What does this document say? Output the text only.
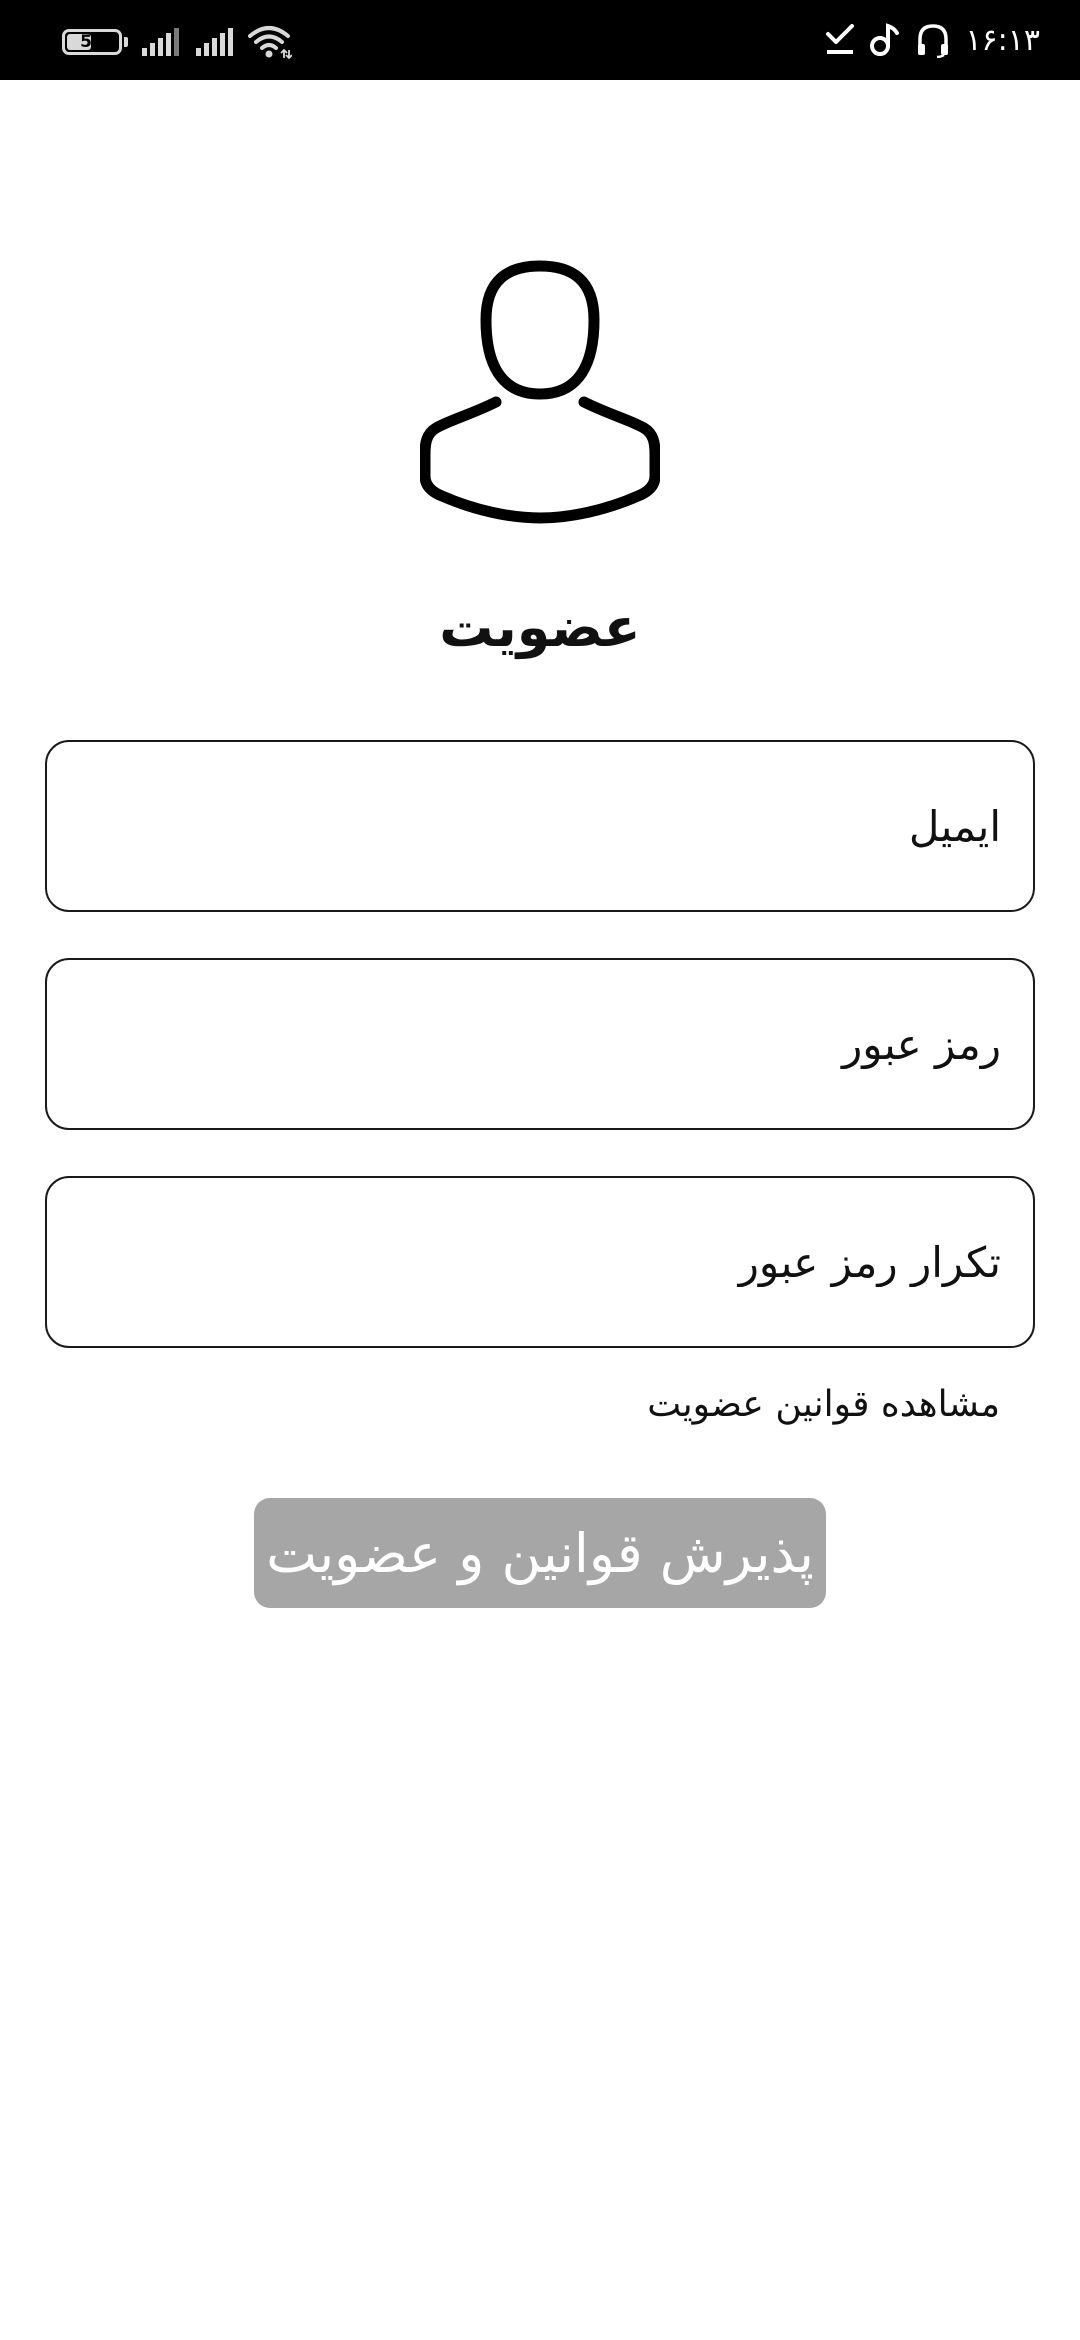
51	۱۶:۱۳
عضویت
ایمیل
مشاهده قوانین عضویت
پذیرش قوانین و عضویت
